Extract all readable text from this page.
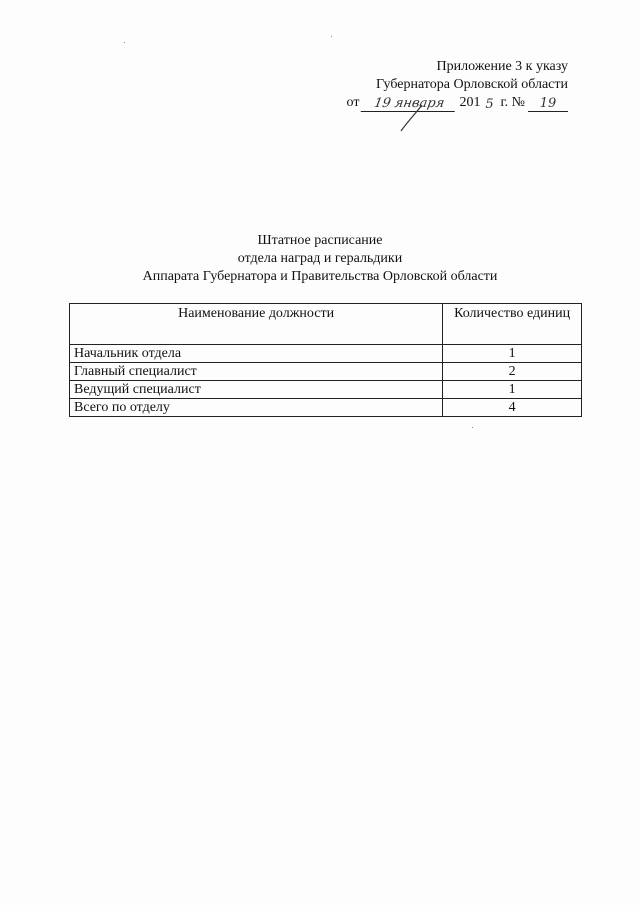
Приложение 3 к указу
Губернатора Орловской области
от	19 января 201 5 г. №	19
Штатное расписание
отдела наград и геральдики
Аппарата Губернатора и Правительства Орловской области
Наименование должности	Количество единиц
Начальник отдела	1
Главный специалист	2
Ведущий специалист	1
Всего по отделу	4
